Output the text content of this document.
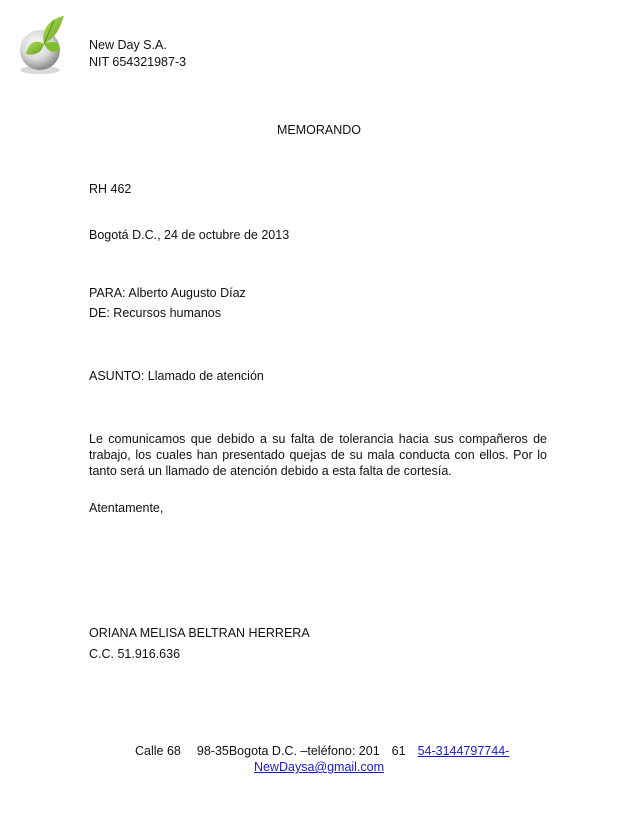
New Day S.A.
NIT 654321987-3
MEMORANDO
RH 462
Bogotá D.C., 24 de octubre de 2013
PARA: Alberto Augusto Díaz
DE: Recursos humanos
ASUNTO: Llamado de atención
Le comunicamos que debido a su falta de tolerancia hacia sus compañeros de
trabajo, los cuales han presentado quejas de su mala conducta con ellos. Por lo
tanto será un llamado de atención debido a esta falta de cortesía.
Atentamente,
ORIANA MELISA BELTRAN HERRERA
C.C. 51.916.636
Calle 68 98-35Bogota D.C. –teléfono: 201 61 54-3144797744-
NewDaysa@gmail.com
